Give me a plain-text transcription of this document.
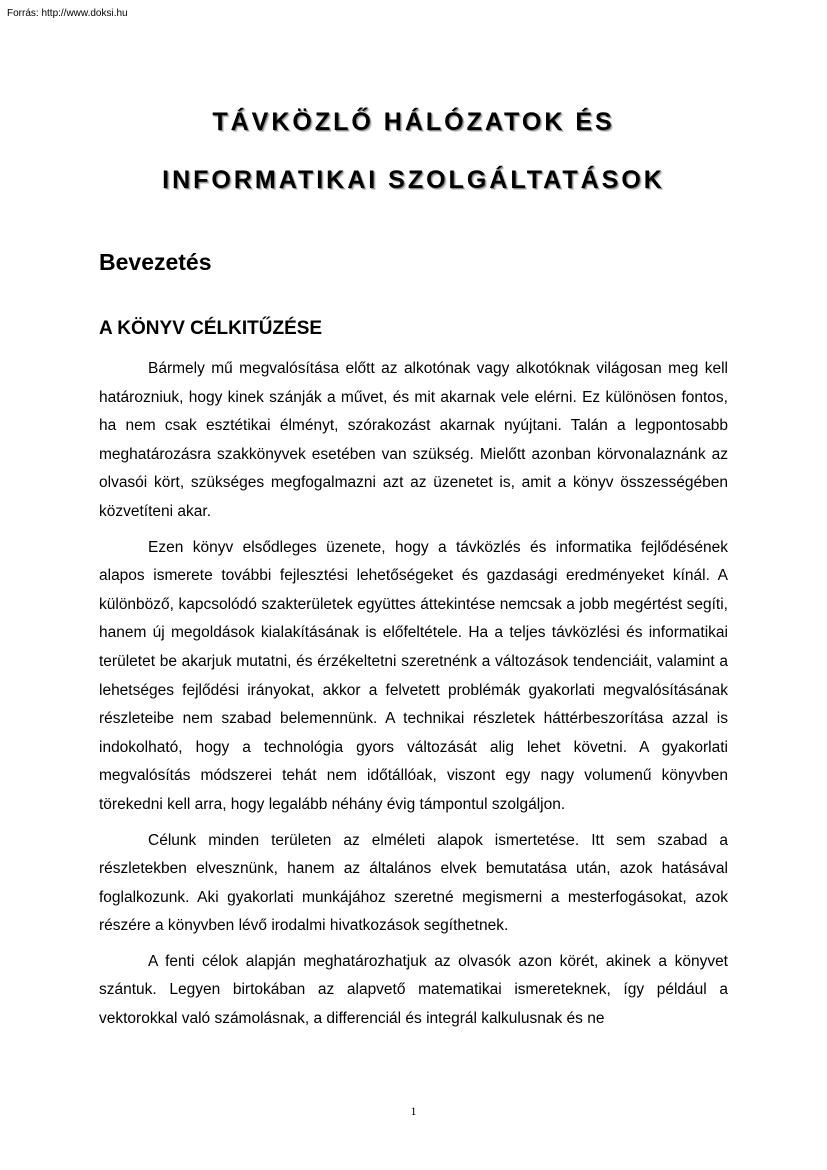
Forrás: http://www.doksi.hu

TÁVKÖZLŐ HÁLÓZATOK ÉS
INFORMATIKAI SZOLGÁLTATÁSOK
Bevezetés
A KÖNYV CÉLKITŰZÉSE

Bármely mű megvalósítása előtt az alkotónak vagy alkotóknak világosan meg kell határozniuk, hogy kinek szánják a művet, és mit akarnak vele elérni. Ez különösen fontos, ha nem csak esztétikai élményt, szórakozást akarnak nyújtani. Talán a legpontosabb meghatározásra szakkönyvek esetében van szükség. Mielőtt azonban körvonalaznánk az olvasói kört, szükséges megfogalmazni azt az üzenetet is, amit a könyv összességében közvetíteni akar.

Ezen könyv elsődleges üzenete, hogy a távközlés és informatika fejlődésének alapos ismerete további fejlesztési lehetőségeket és gazdasági eredményeket kínál. A különböző, kapcsolódó szakterületek együttes áttekintése nemcsak a jobb megértést segíti, hanem új megoldások kialakításának is előfeltétele. Ha a teljes távközlési és informatikai területet be akarjuk mutatni, és érzékeltetni szeretnénk a változások tendenciáit, valamint a lehetséges fejlődési irányokat, akkor a felvetett problémák gyakorlati megvalósításának részleteibe nem szabad belemennünk. A technikai részletek háttérbeszorítása azzal is indokolható, hogy a technológia gyors változását alig lehet követni. A gyakorlati megvalósítás módszerei tehát nem időtállóak, viszont egy nagy volumenű könyvben törekedni kell arra, hogy legalább néhány évig támpontul szolgáljon.

Célunk minden területen az elméleti alapok ismertetése. Itt sem szabad a részletekben elvesznünk, hanem az általános elvek bemutatása után, azok hatásával foglalkozunk. Aki gyakorlati munkájához szeretné megismerni a mesterfogásokat, azok részére a könyvben lévő irodalmi hivatkozások segíthetnek.

A fenti célok alapján meghatározhatjuk az olvasók azon körét, akinek a könyvet szántuk. Legyen birtokában az alapvető matematikai ismereteknek, így például a vektorokkal való számolásnak, a differenciál és integrál kalkulusnak és ne

1
